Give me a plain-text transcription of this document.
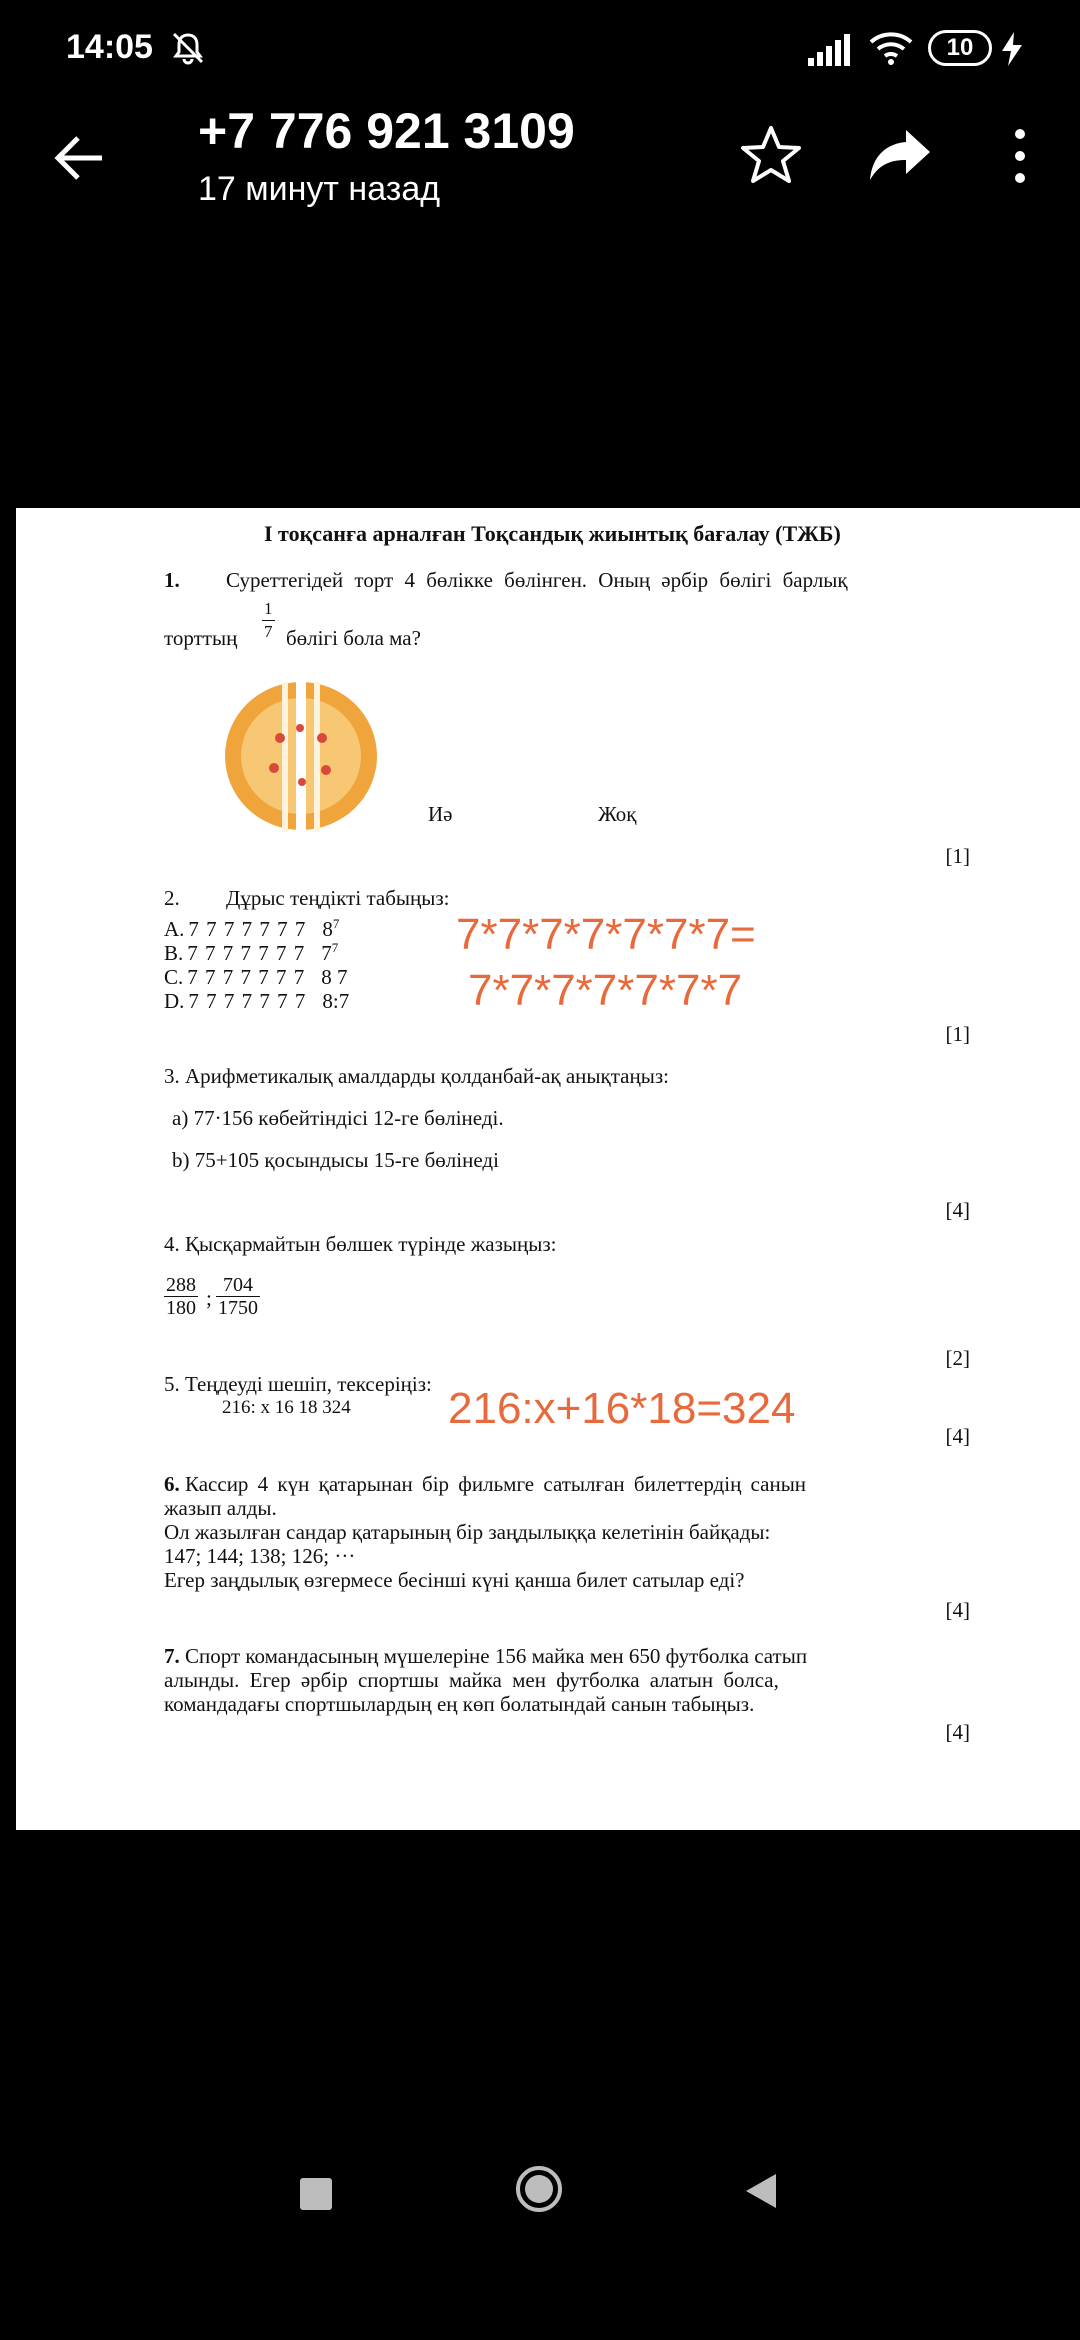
14:05	10
+7 776 921 3109
17 минут назад
I тоқсанға арналған Тоқсандық жиынтық бағалау (ТЖБ)
1. Суреттегідей торт 4 бөлікке бөлінген. Оның әрбір бөлігі барлық
торттың $\frac{1}{7}$ бөлігі бола ма?
Иә	Жоқ
[1]
2. Дұрыс теңдікті табыңыз:
A. 7 7 7 7 7 7 7 $8^7$
B. 7 7 7 7 7 7 7 $7^7$
C. 7 7 7 7 7 7 7 8 7
D. 7 7 7 7 7 7 7 8:7
7*7*7*7*7*7*7=
7*7*7*7*7*7*7
[1]
3. Арифметикалық амалдарды қолданбай-ақ анықтаңыз:
a) 77·156 көбейтіндісі 12-ге бөлінеді.
b) 75+105 қосындысы 15-ге бөлінеді
[4]
4. Қысқармайтын бөлшек түрінде жазыңыз:
$\frac{288}{180}$ ; $\frac{704}{1750}$
[2]
5. Теңдеуді шешіп, тексеріңіз:
216: x 16 18 324 216:x+16*18=324
[4]
6. Кассир 4 күн қатарынан бір фильмге сатылған билеттердің санын
жазып алды.
Ол жазылған сандар қатарының бір заңдылыққа келетінін байқады:
147; 144; 138; 126; ···
Егер заңдылық өзгермесе бесінші күні қанша билет сатылар еді?
[4]
7. Спорт командасының мүшелеріне 156 майка мен 650 футболка сатып
алынды. Егер әрбір спортшы майка мен футболка алатын болса,
командадағы спортшылардың ең көп болатындай санын табыңыз.
[4]
